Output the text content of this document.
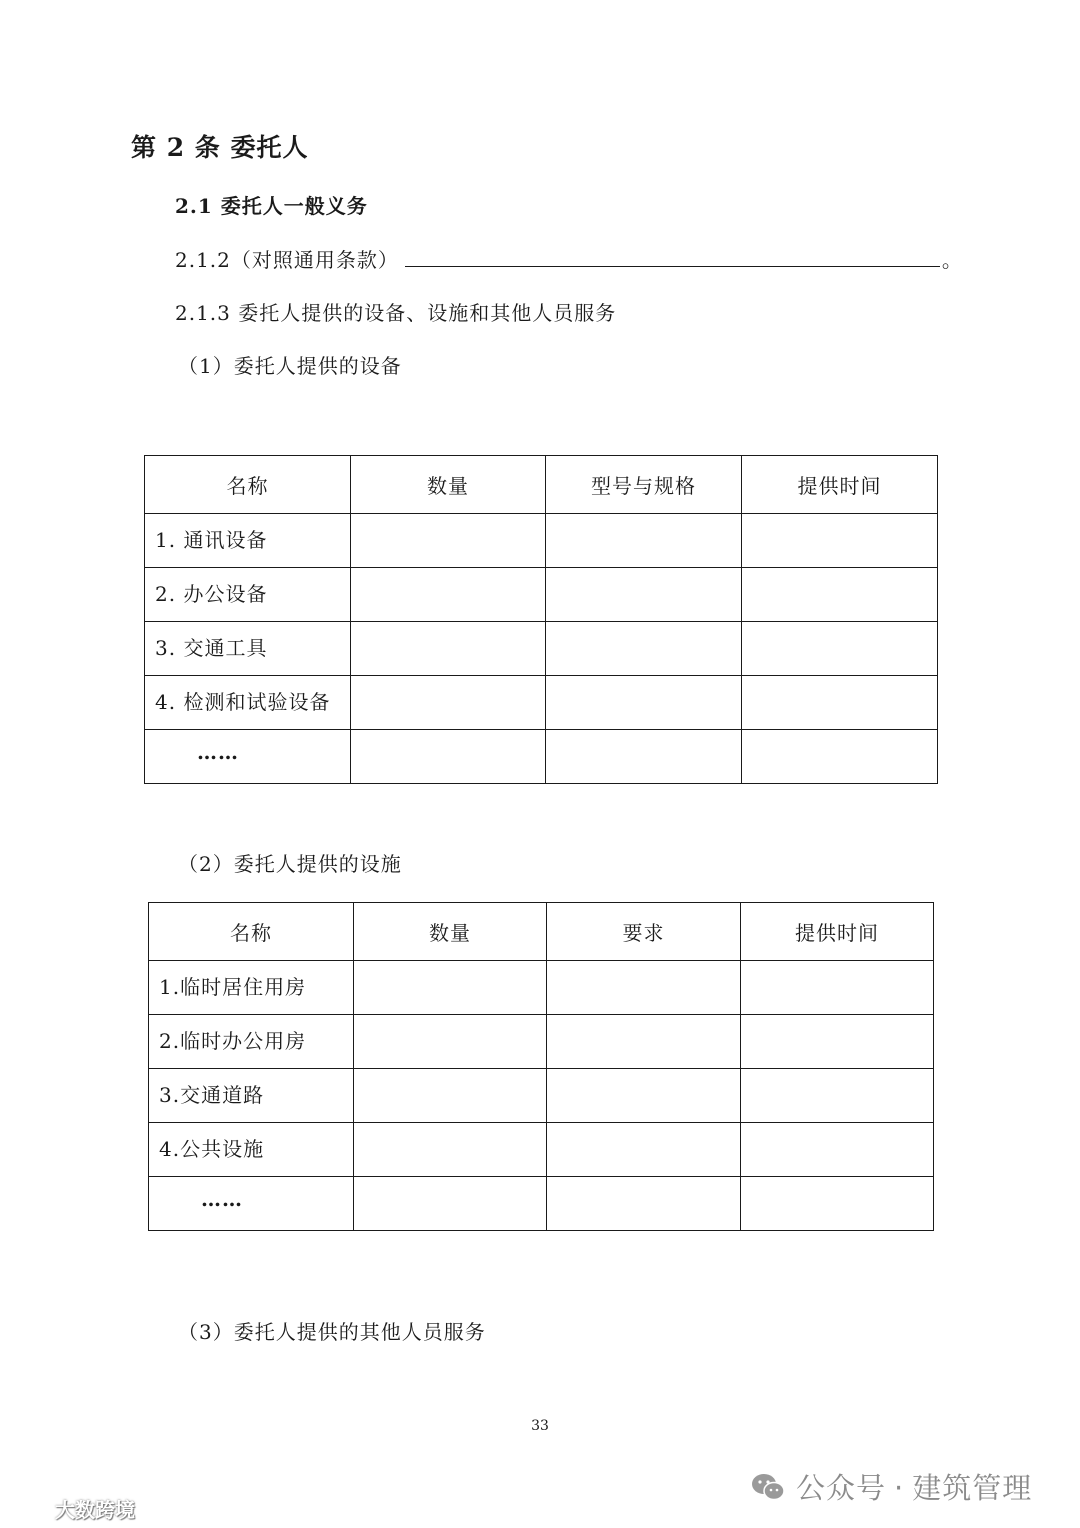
第 2 条 委托人
2.1 委托人一般义务
2.1.2（对照通用条款）	。
2.1.3 委托人提供的设备、设施和其他人员服务
（1）委托人提供的设备
名称	数量	型号与规格	提供时间
1. 通讯设备			
2. 办公设备			
3. 交通工具			
4. 检测和试验设备			
……			
（2）委托人提供的设施
名称	数量	要求	提供时间
1.临时居住用房			
2.临时办公用房			
3.交通道路			
4.公共设施			
……			
（3）委托人提供的其他人员服务
33
公众号 · 建筑管理
大数跨境
